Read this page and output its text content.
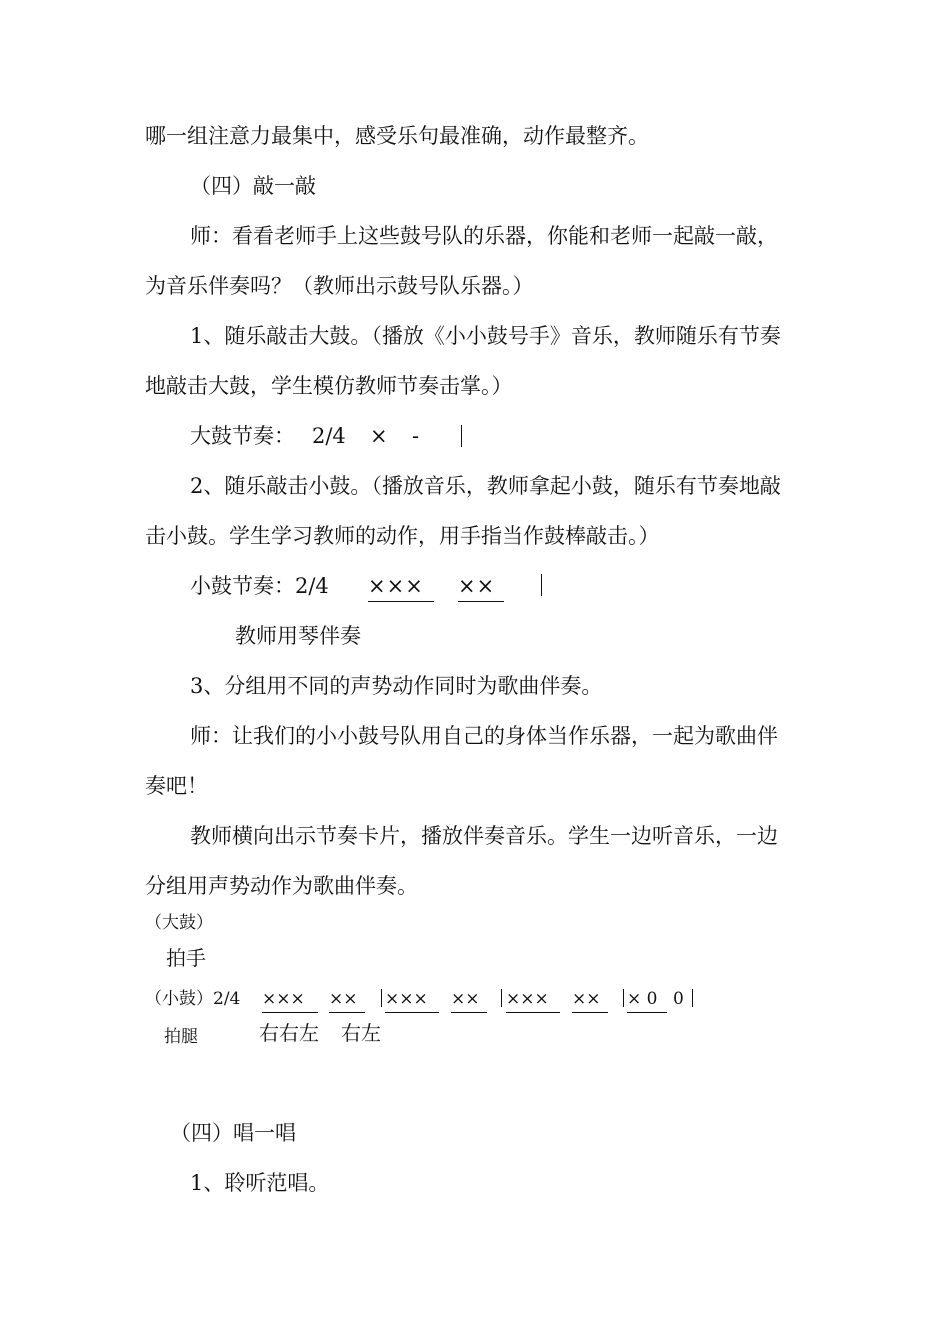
哪一组注意力最集中，感受乐句最准确，动作最整齐。
（四）敲一敲
师：看看老师手上这些鼓号队的乐器，你能和老师一起敲一敲，
为音乐伴奏吗？（教师出示鼓号队乐器。）
1、随乐敲击大鼓。（播放《小小鼓号手》音乐，教师随乐有节奏
地敲击大鼓，学生模仿教师节奏击掌。）
大鼓节奏： 2/4 × -
2、随乐敲击小鼓。（播放音乐，教师拿起小鼓，随乐有节奏地敲
击小鼓。学生学习教师的动作，用手指当作鼓棒敲击。）
小鼓节奏：2/4 ×××	××
教师用琴伴奏
3、分组用不同的声势动作同时为歌曲伴奏。
师：让我们的小小鼓号队用自己的身体当作乐器，一起为歌曲伴
奏吧！
教师横向出示节奏卡片，播放伴奏音乐。学生一边听音乐，一边
分组用声势动作为歌曲伴奏。
（大鼓）
拍手
（小鼓）2/4 ×××	××	×××	××	×××	××	× 0 0
拍腿	右右左 右左
（四）唱一唱
1、聆听范唱。
